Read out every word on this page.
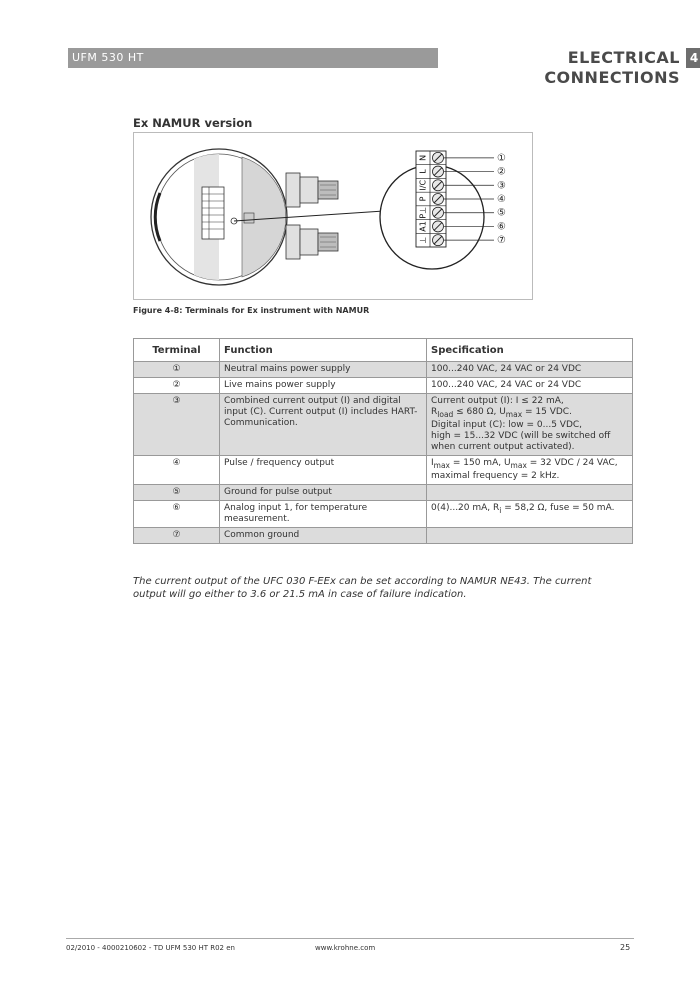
UFM 530 HT	ELECTRICAL CONNECTIONS
4
Ex NAMUR version
N
L
I/C
P
P⊥
A1
⊥
①
②
③
④
⑤
⑥
⑦
Figure 4-8: Terminals for Ex instrument with NAMUR
Terminal	Function	Specification
①	Neutral mains power supply	100...240 VAC, 24 VAC or 24 VDC
②	Live mains power supply	100...240 VAC, 24 VAC or 24 VDC
③	Combined current output (I) and digital input (C). Current output (I) includes HART-Communication.	Current output (I): I ≤ 22 mA,
$R_{load} \le 680$ Ω, $U_{max} = 15$ VDC.
Digital input (C): low = 0...5 VDC,
high = 15...32 VDC (will be switched off when current output activated).

④	Pulse / frequency output	$I_{max} = 150$ mA, $U_{max} = 32$ VDC / 24 VAC,
maximal frequency = 2 kHz.

⑤	Ground for pulse output	
⑥	Analog input 1, for temperature measurement.	0(4)...20 mA, $R_i = 58,2$ Ω, fuse = 50 mA.
⑦	Common ground	
The current output of the UFC 030 F-EEx can be set according to NAMUR NE43. The current output will go either to 3.6 or 21.5 mA in case of failure indication.
02/2010 - 4000210602 - TD UFM 530 HT R02 en	www.krohne.com	25
